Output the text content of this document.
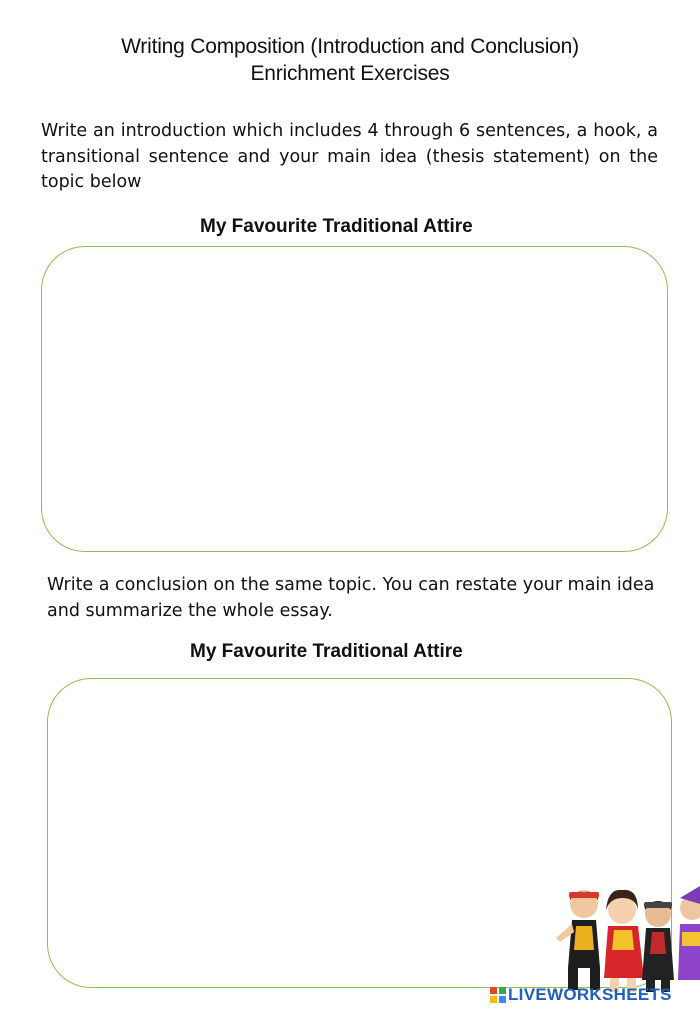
Writing Composition (Introduction and Conclusion)
Enrichment Exercises

Write an introduction which includes 4 through 6 sentences, a hook, a transitional sentence and your main idea (thesis statement) on the topic below

My Favourite Traditional Attire

Write a conclusion on the same topic. You can restate your main idea and summarize the whole essay.

My Favourite Traditional Attire
LIVEWORKSHEETS
